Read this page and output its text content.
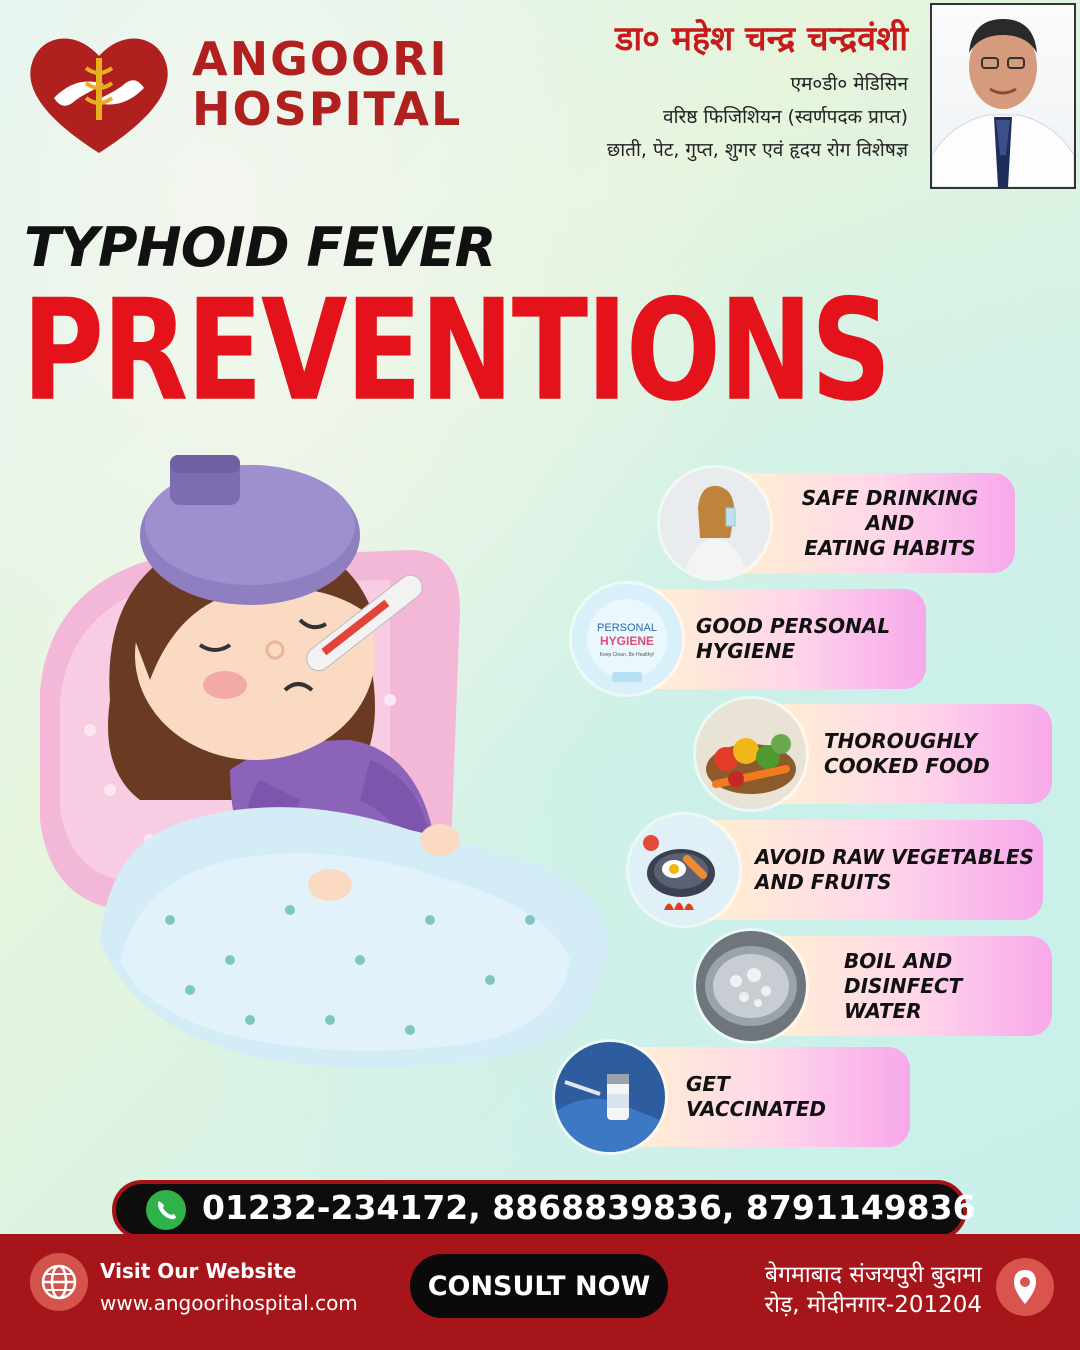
ANGOORI
HOSPITAL
डा० महेश चन्द्र चन्द्रवंशी
एम०डी० मेडिसिन
वरिष्ठ फिजिशियन (स्वर्णपदक प्राप्त)
छाती, पेट, गुप्त, शुगर एवं हृदय रोग विशेषज्ञ
TYPHOID FEVER
PREVENTIONS
SAFE DRINKING AND
EATING HABITS
PERSONAL
HYGIENE
Keep Clean, Be Healthy!
GOOD PERSONAL
HYGIENE
THOROUGHLY
COOKED FOOD
AVOID RAW VEGETABLES
AND FRUITS
BOIL AND
DISINFECT
WATER
GET
VACCINATED
01232-234172, 8868839836, 8791149836
Visit Our Website
www.angoorihospital.com
CONSULT NOW	बेगमाबाद संजयपुरी बुदामा
रोड़, मोदीनगार-201204
